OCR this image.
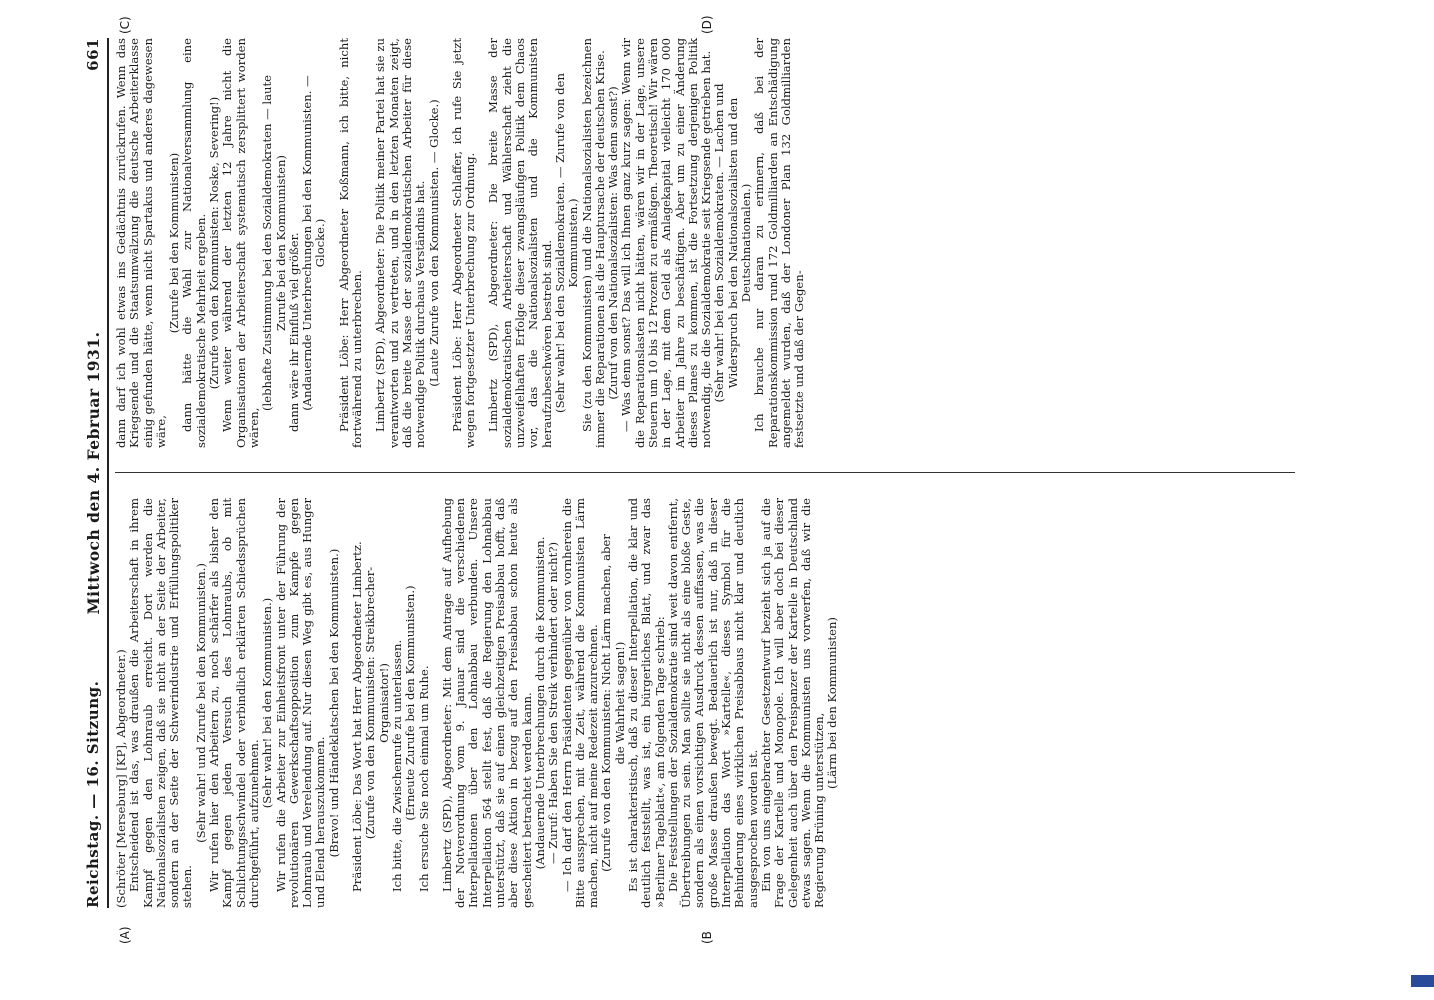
Reichstag. — 16. Sitzung.
Mittwoch den 4. Februar 1931.
661
(A)	(B
(C)	(D)

(Schröter [Merseburg] [KP], Abgeordneter.) Entscheidend ist das, was draußen die Arbeiterschaft in ihrem Kampf gegen den Lohnraub erreicht. Dort werden die Nationalsozialisten zeigen, daß sie nicht an der Seite der Arbeiter, sondern an der Seite der Schwerindustrie und Erfüllungspolitiker stehen.

(Sehr wahr! und Zurufe bei den Kommunisten.) Wir rufen hier den Arbeitern zu, noch schärfer als bisher den Kampf gegen jeden Versuch des Lohnraubs, ob mit Schlichtungsschwindel oder verbindlich erklärten Schiedssprüchen durchgeführt, aufzunehmen.

(Sehr wahr! bei den Kommunisten.) Wir rufen die Arbeiter zur Einheitsfront unter der Führung der revolutionären Gewerkschaftsopposition zum Kampfe gegen Lohnraub und Verelendung auf. Nur diesen Weg gibt es, aus Hunger und Elend herauszukommen. (Bravo! und Händeklatschen bei den Kommunisten.) Präsident Löbe: Das Wort hat Herr Abgeordneter Limbertz. (Zurufe von den Kommunisten: Streikbrecher-Organisator!) Ich bitte, die Zwischenrufe zu unterlassen. (Erneute Zurufe bei den Kommunisten.) Ich ersuche Sie noch einmal um Ruhe. Limbertz (SPD), Abgeordneter: Mit dem Antrage auf Aufhebung der Notverordnung vom 9. Januar sind die verschiedenen Interpellationen über den Lohnabbau verbunden. Unsere Interpellation 564 stellt fest, daß die Regierung den Lohnabbau unterstützt, daß sie auf einen gleichzeitigen Preisabbau hofft, daß aber diese Aktion in bezug auf den Preisabbau schon heute als gescheitert betrachtet werden kann. (Andauernde Unterbrechungen durch die Kommunisten. — Zuruf: Haben Sie den Streik verhindert oder nicht?) — Ich darf den Herrn Präsidenten gegenüber von vornherein die Bitte aussprechen, mit die Zeit, während die Kommunisten Lärm machen, nicht auf meine Redezeit anzurechnen. (Zurufe von den Kommunisten: Nicht Lärm machen, aber die Wahrheit sagen!) Es ist charakteristisch, daß zu dieser Interpellation, die klar und deutlich feststellt, was ist, ein bürgerliches Blatt, und zwar das »Berliner Tageblatt«, am folgenden Tage schrieb: Die Feststellungen der Sozialdemokratie sind weit davon entfernt, Übertreibungen zu sein. Man sollte sie nicht als eine bloße Geste, sondern als einen vorsichtigen Ausdruck dessen auffassen, was die große Masse draußen bewegt. Bedauerlich ist nur, daß in dieser Interpellation das Wort »Kartelle«, dieses Symbol für die Behinderung eines wirklichen Preisabbaus nicht klar und deutlich ausgesprochen worden ist. Ein von uns eingebrachter Gesetzentwurf bezieht sich ja auf die Frage der Kartelle und Monopole. Ich will aber doch bei dieser Gelegenheit auch über den Preispanzer der Kartelle in Deutschland etwas sagen. Wenn die Kommunisten uns vorwerfen, daß wir die Regierung Brüning unterstützen,

(Lärm bei den Kommunisten)

dann darf ich wohl etwas ins Gedächtnis zurückrufen. Wenn das Kriegsende und die Staatsumwälzung die deutsche Arbeiterklasse einig gefunden hätte, wenn nicht Spartakus und anderes dagewesen wäre,

(Zurufe bei den Kommunisten) dann hätte die Wahl zur Nationalversammlung eine sozialdemokratische Mehrheit ergeben. (Zurufe von den Kommunisten: Noske, Severing!) Wenn weiter während der letzten 12 Jahre nicht die Organisationen der Arbeiterschaft systematisch zersplittert worden wären,

(lebhafte Zustimmung bei den Sozialdemokraten — laute Zurufe bei den Kommunisten) dann wäre ihr Einfluß viel größer. (Andauernde Unterbrechungen bei den Kommunisten. — Glocke.) Präsident Löbe: Herr Abgeordneter Koßmann, ich bitte, nicht fortwährend zu unterbrechen. Limbertz (SPD), Abgeordneter: Die Politik meiner Partei hat sie zu verantworten und zu vertreten, und in den letzten Monaten zeigt, daß die breite Masse der sozialdemokratischen Arbeiter für diese notwendige Politik durchaus Verständnis hat. (Laute Zurufe von den Kommunisten. — Glocke.) Präsident Löbe: Herr Abgeordneter Schlaffer, ich rufe Sie jetzt wegen fortgesetzter Unterbrechung zur Ordnung. Limbertz (SPD), Abgeordneter: Die breite Masse der sozialdemokratischen Arbeiterschaft und Wählerschaft zieht die unzweifelhaften Erfolge dieser zwangsläufigen Politik dem Chaos vor, das die Nationalsozialisten und die Kommunisten heraufzubeschwören bestrebt sind. (Sehr wahr! bei den Sozialdemokraten. — Zurufe von den Kommunisten.) Sie (zu den Kommunisten) und die Nationalsozialisten bezeichnen immer die Reparationen als die Hauptursache der deutschen Krise. (Zuruf von den Nationalsozialisten: Was denn sonst?) — Was denn sonst? Das will ich Ihnen ganz kurz sagen: Wenn wir die Reparationslasten nicht hätten, wären wir in der Lage, unsere Steuern um 10 bis 12 Prozent zu ermäßigen. Theoretisch! Wir wären in der Lage, mit dem Geld als Anlagekapital vielleicht 170 000 Arbeiter im Jahre zu beschäftigen. Aber um zu einer Änderung dieses Planes zu kommen, ist die Fortsetzung derjenigen Politik notwendig, die die Sozialdemokratie seit Kriegsende getrieben hat. (Sehr wahr! bei den Sozialdemokraten. — Lachen und Widerspruch bei den Nationalsozialisten und den Deutschnationalen.) Ich brauche nur daran zu erinnern, daß bei der Reparationskommission rund 172 Goldmilliarden an Entschädigung angemeldet wurden, daß der Londoner Plan 132 Goldmilliarden festsetzte und daß der Gegen-
